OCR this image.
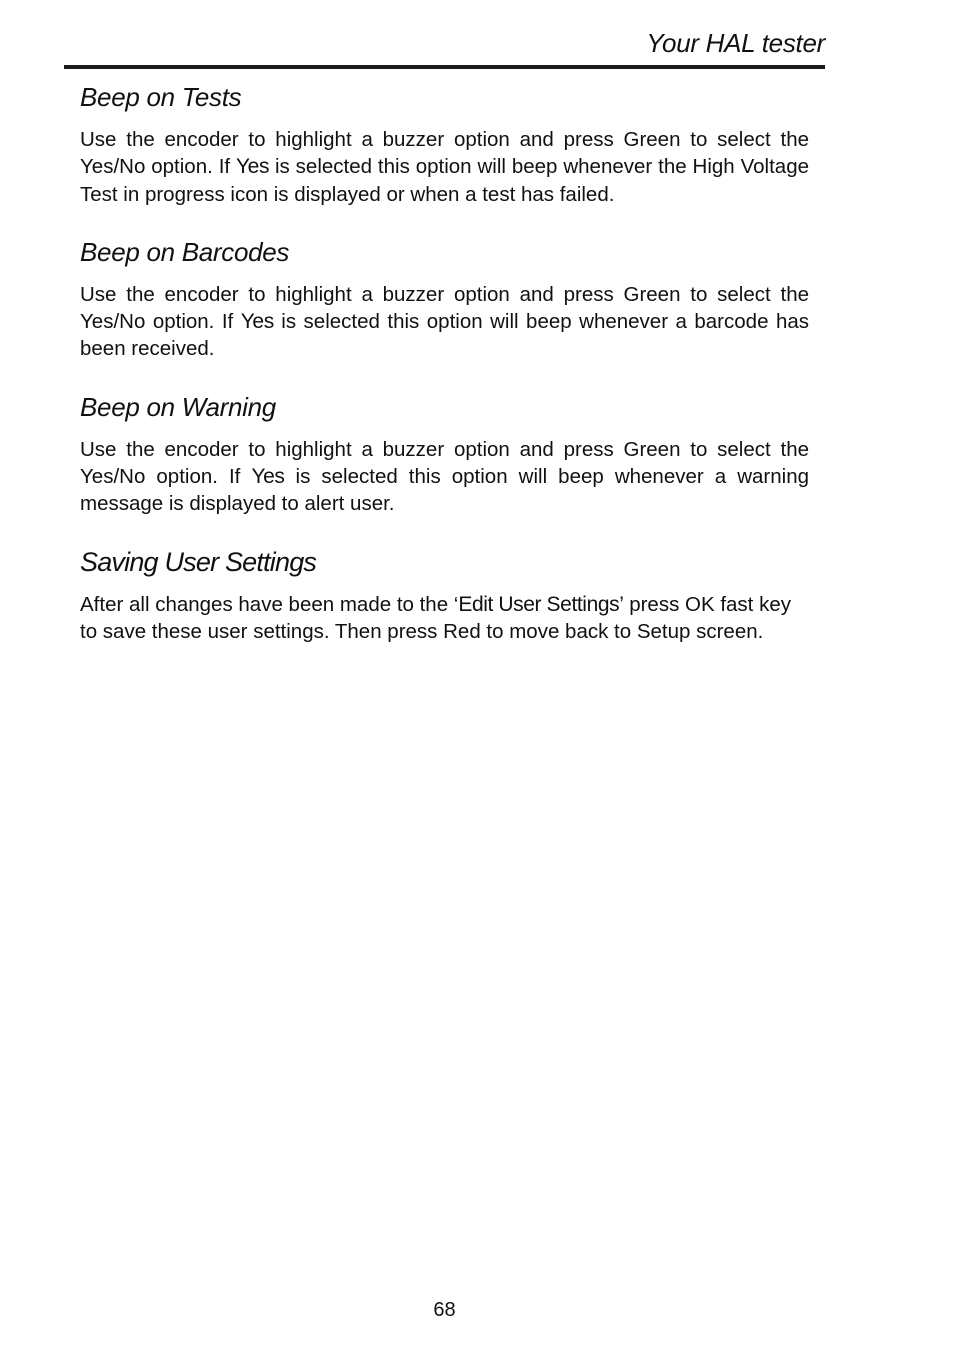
Your HAL tester
Beep on Tests

Use the encoder to highlight a buzzer option and press Green to select the Yes/No option. If Yes is selected this option will beep whenever the High Voltage Test in progress icon is displayed or when a test has failed.

Beep on Barcodes

Use the encoder to highlight a buzzer option and press Green to select the Yes/No option. If Yes is selected this option will beep whenever a barcode has been received.

Beep on Warning

Use the encoder to highlight a buzzer option and press Green to select the Yes/No option. If Yes is selected this option will beep whenever a warning message is displayed to alert user.

Saving User Settings

After all changes have been made to the ‘Edit User Settings’ press OK fast key to save these user settings. Then press Red to move back to Setup screen.

68
